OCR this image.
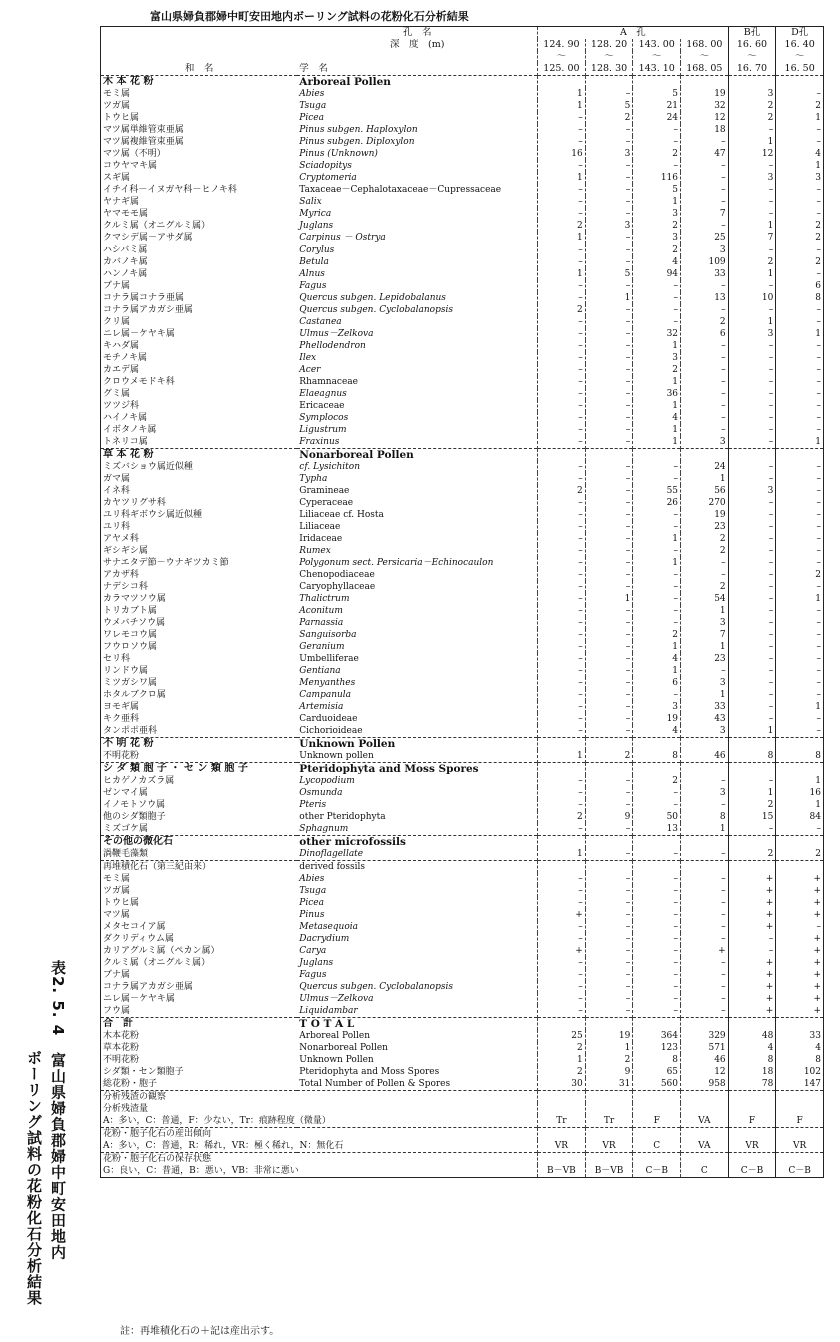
表2. 5. 4　富山県婦負郡婦中町安田地内
ボーリング試料の花粉化石分析結果
富山県婦負郡婦中町安田地内ボーリング試料の花粉化石分析結果
	孔　名	A　孔				B孔	D孔
	深　度　(m)	124. 90	128. 20	143. 00	168. 00	16. 60	16. 40
		〜	〜	〜	〜	〜	〜
和　名	学　名	125. 00	128. 30	143. 10	168. 05	16. 70	16. 50
木 本 花 粉	Arboreal Pollen						
モミ属	Abies	1	–	5	19	3	–
ツガ属	Tsuga	1	5	21	32	2	2
トウヒ属	Picea	–	2	24	12	2	1
マツ属単維管束亜属	Pinus subgen. Haploxylon	–	–	–	18	–	–
マツ属複維管束亜属	Pinus subgen. Diploxylon	–	–	–	–	1	–
マツ属（不明）	Pinus (Unknown)	16	3	2	47	12	4
コウヤマキ属	Sciadopitys	–	–	–	–	–	1
スギ属	Cryptomeria	1	–	116	–	3	3
イチイ科－イヌガヤ科－ヒノキ科	Taxaceae－Cephalotaxaceae－Cupressaceae	–	–	5	–	–	–
ヤナギ属	Salix	–	–	1	–	–	–
ヤマモモ属	Myrica	–	–	3	7	–	–
クルミ属（オニグルミ属）	Juglans	2	3	2	–	1	2
クマシデ属－アサダ属	Carpinus － Ostrya	1	–	3	25	7	2
ハシバミ属	Corylus	–	–	2	3	–	–
カバノキ属	Betula	–	–	4	109	2	2
ハンノキ属	Alnus	1	5	94	33	1	–
ブナ属	Fagus	–	–	–	–	–	6
コナラ属コナラ亜属	Quercus subgen. Lepidobalanus	–	1	–	13	10	8
コナラ属アカガシ亜属	Quercus subgen. Cyclobalanopsis	2	–	–	–	–	–
クリ属	Castanea	–	–	–	2	1	–
ニレ属－ケヤキ属	Ulmus－Zelkova	–	–	32	6	3	1
キハダ属	Phellodendron	–	–	1	–	–	–
モチノキ属	Ilex	–	–	3	–	–	–
カエデ属	Acer	–	–	2	–	–	–
クロウメモドキ科	Rhamnaceae	–	–	1	–	–	–
グミ属	Elaeagnus	–	–	36	–	–	–
ツツジ科	Ericaceae	–	–	1	–	–	–
ハイノキ属	Symplocos	–	–	4	–	–	–
イボタノキ属	Ligustrum	–	–	1	–	–	–
トネリコ属	Fraxinus	–	–	1	3	–	1
草 本 花 粉	Nonarboreal Pollen						
ミズバショウ属近似種	cf. Lysichiton	–	–	–	24	–	–
ガマ属	Typha	–	–	–	1	–	–
イネ科	Gramineae	2	–	55	56	3	–
カヤツリグサ科	Cyperaceae	–	–	26	270	–	–
ユリ科ギボウシ属近似種	Liliaceae cf. Hosta	–	–	–	19	–	–
ユリ科	Liliaceae	–	–	–	23	–	–
アヤメ科	Iridaceae	–	–	1	2	–	–
ギシギシ属	Rumex	–	–	–	2	–	–
サナエタデ節－ウナギツカミ節	Polygonum sect. Persicaria－Echinocaulon	–	–	1	–	–	–
アカザ科	Chenopodiaceae	–	–	–	–	–	2
ナデシコ科	Caryophyllaceae	–	–	–	2	–	–
カラマツソウ属	Thalictrum	–	1	–	54	–	1
トリカブト属	Aconitum	–	–	–	1	–	–
ウメバチソウ属	Parnassia	–	–	–	3	–	–
ワレモコウ属	Sanguisorba	–	–	2	7	–	–
フウロソウ属	Geranium	–	–	1	1	–	–
セリ科	Umbelliferae	–	–	4	23	–	–
リンドウ属	Gentiana	–	–	1	–	–	–
ミツガシワ属	Menyanthes	–	–	6	3	–	–
ホタルブクロ属	Campanula	–	–	–	1	–	–
ヨモギ属	Artemisia	–	–	3	33	–	1
キク亜科	Carduoideae	–	–	19	43	–	–
タンポポ亜科	Cichorioideae	–	–	4	3	1	–
不 明 花 粉	Unknown Pollen						
不明花粉	Unknown pollen	1	2	8	46	8	8
シ ダ 類 胞 子 ・ セ ン 類 胞 子	Pteridophyta and Moss Spores						
ヒカゲノカズラ属	Lycopodium	–	–	2	–	–	1
ゼンマイ属	Osmunda	–	–	–	3	1	16
イノモトソウ属	Pteris	–	–	–	–	2	1
他のシダ類胞子	other Pteridophyta	2	9	50	8	15	84
ミズゴケ属	Sphagnum	–	–	13	1	–	–
その他の微化石	other microfossils						
渦鞭毛藻類	Dinoflagellate	1	–	–	–	2	2
再堆積化石（第三紀由来）	derived fossils						
モミ属	Abies	–	–	–	–	+	+
ツガ属	Tsuga	–	–	–	–	+	+
トウヒ属	Picea	–	–	–	–	+	+
マツ属	Pinus	+	–	–	–	+	+
メタセコイア属	Metasequoia	–	–	–	–	+	–
ダクリディウム属	Dacrydium	–	–	–	–	–	+
カリアグルミ属（ペカン属）	Carya	+	–	–	+	–	+
クルミ属（オニグルミ属）	Juglans	–	–	–	–	+	+
ブナ属	Fagus	–	–	–	–	+	+
コナラ属アカガシ亜属	Quercus subgen. Cyclobalanopsis	–	–	–	–	+	+
ニレ属－ケヤキ属	Ulmus－Zelkova	–	–	–	–	+	+
フウ属	Liquidambar	–	–	–	–	+	+
合　計	T O T A L						
木本花粉	Arboreal Pollen	25	19	364	329	48	33
草本花粉	Nonarboreal Pollen	2	1	123	571	4	4
不明花粉	Unknown Pollen	1	2	8	46	8	8
シダ類・セン類胞子	Pteridophyta and Moss Spores	2	9	65	12	18	102
総花粉・胞子	Total Number of Pollen & Spores	30	31	560	958	78	147
分析残渣の観察							
分析残渣量							
A：多い，C：普通，F：少ない，Tr：痕跡程度（微量）		Tr	Tr	F	VA	F	F
花粉・胞子化石の産出傾向							
A：多い，C：普通，R：稀れ，VR：極く稀れ，N：無化石		VR	VR	C	VA	VR	VR
花粉・胞子化石の保存状態							
G：良い，C：普通，B：悪い，VB：非常に悪い		B－VB	B－VB	C－B	C	C－B	C－B
註：再堆積化石の＋記は産出示す。
